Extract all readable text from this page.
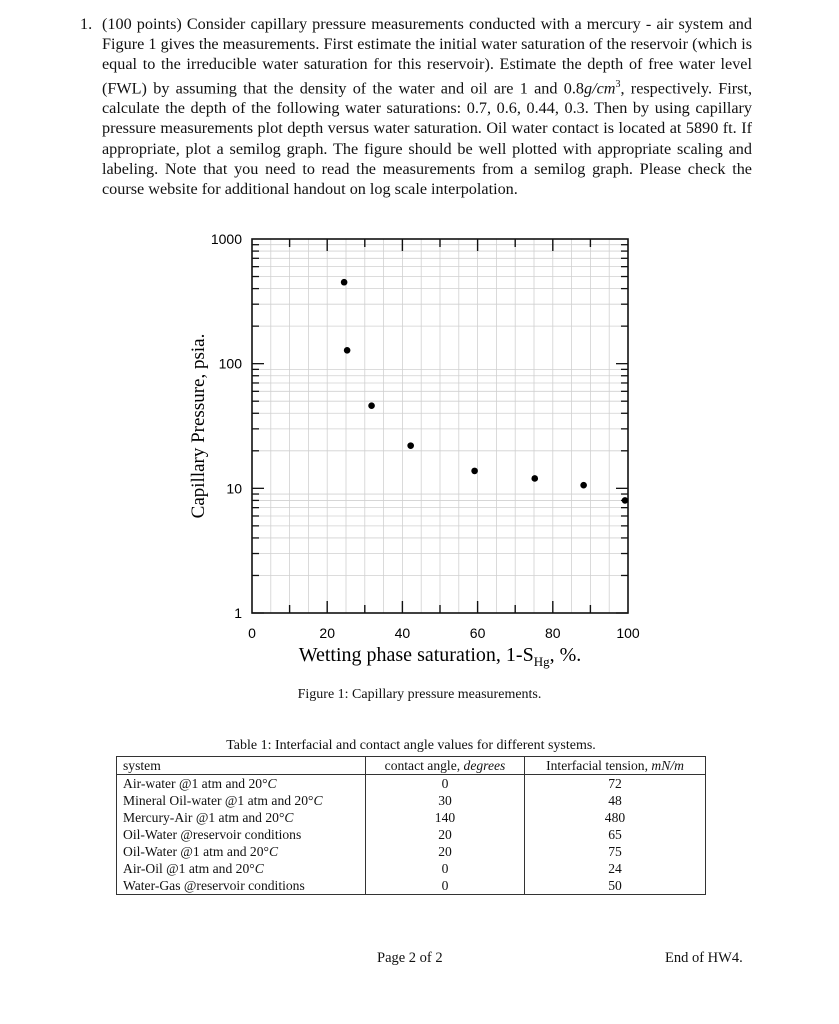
1. (100 points) Consider capillary pressure measurements conducted with a mercury - air system and Figure 1 gives the measurements. First estimate the initial water saturation of the reservoir (which is equal to the irreducible water saturation for this reservoir). Estimate the depth of free water level (FWL) by assuming that the density of the water and oil are 1 and $0.8g/cm^3$, respectively. First, calculate the depth of the following water saturations: 0.7, 0.6, 0.44, 0.3. Then by using capillary pressure measurements plot depth versus water saturation. Oil water contact is located at 5890 ft. If appropriate, plot a semilog graph. The figure should be well plotted with appropriate scaling and labeling. Note that you need to read the measurements from a semilog graph. Please check the course website for additional handout on log scale interpolation.
0	20	40	60	80	100
1
10
100
1000
Capillary Pressure, psia.
Wetting phase saturation, $1-S_{Hg}$, %.
Figure 1: Capillary pressure measurements.
Table 1: Interfacial and contact angle values for different systems.
system	contact angle, degrees	Interfacial tension, mN/m
Air-water @1 atm and 20°C	0	72
Mineral Oil-water @1 atm and 20°C	30	48
Mercury-Air @1 atm and 20°C	140	480
Oil-Water @reservoir conditions	20	65
Oil-Water @1 atm and 20°C	20	75
Air-Oil @1 atm and 20°C	0	24
Water-Gas @reservoir conditions	0	50
Page 2 of 2	End of HW4.
